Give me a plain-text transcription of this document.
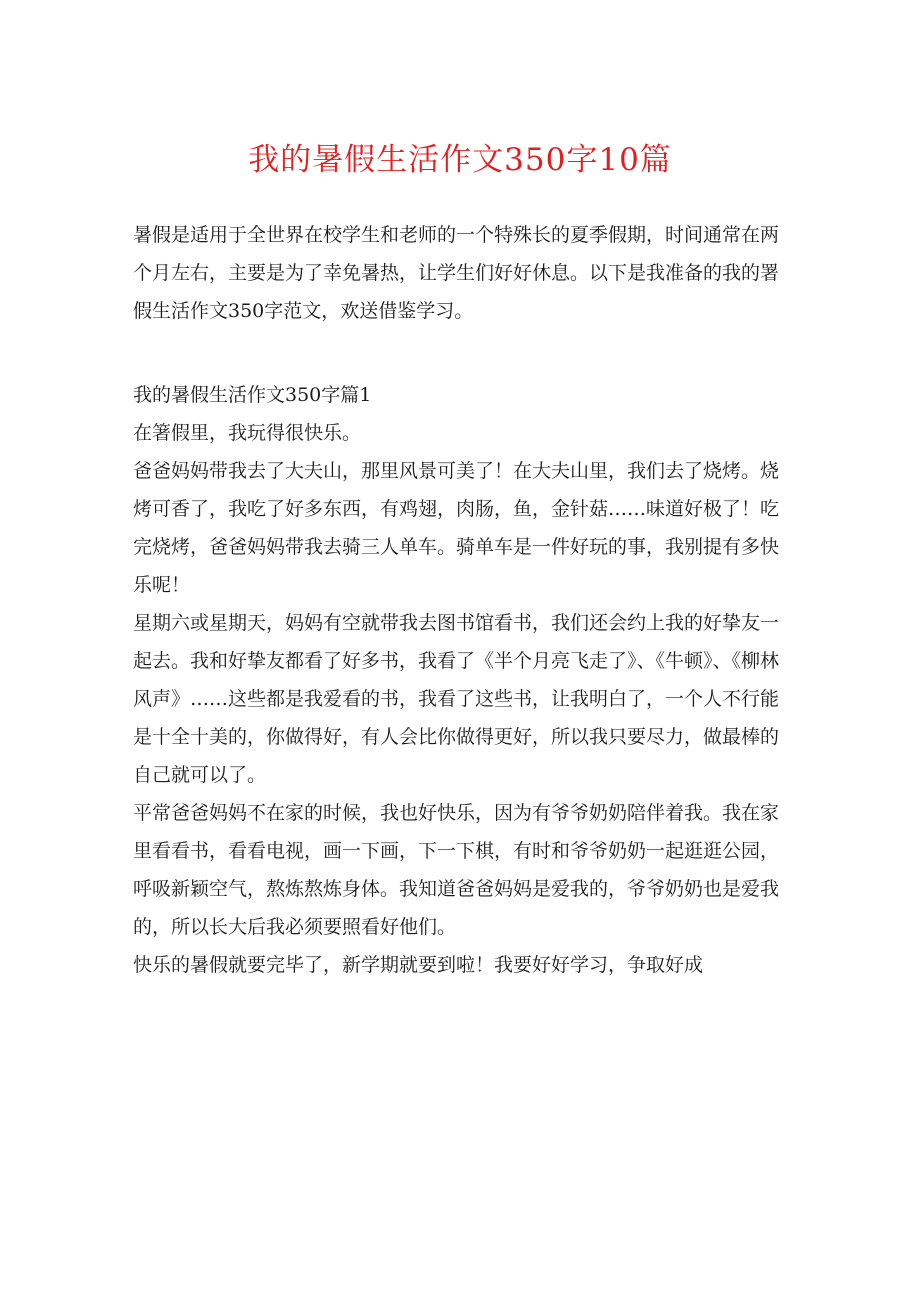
我的暑假生活作文350字10篇

暑假是适用于全世界在校学生和老师的一个特殊长的夏季假期，时间通常在两个月左右，主要是为了幸免暑热，让学生们好好休息。以下是我准备的我的署假生活作文350字范文，欢送借鉴学习。

我的暑假生活作文350字篇1

在箸假里，我玩得很快乐。

爸爸妈妈带我去了大夫山，那里风景可美了！在大夫山里，我们去了烧烤。烧烤可香了，我吃了好多东西，有鸡翅，肉肠，鱼，金针菇……味道好极了！吃完烧烤，爸爸妈妈带我去骑三人单车。骑单车是一件好玩的事，我别提有多快乐呢！

星期六或星期天，妈妈有空就带我去图书馆看书，我们还会约上我的好挚友一起去。我和好挚友都看了好多书，我看了《半个月亮飞走了》、《牛顿》、《柳林风声》……这些都是我爱看的书，我看了这些书，让我明白了，一个人不行能是十全十美的，你做得好，有人会比你做得更好，所以我只要尽力，做最棒的自己就可以了。

平常爸爸妈妈不在家的时候，我也好快乐，因为有爷爷奶奶陪伴着我。我在家里看看书，看看电视，画一下画，下一下棋，有时和爷爷奶奶一起逛逛公园，呼吸新颖空气，熬炼熬炼身体。我知道爸爸妈妈是爱我的，爷爷奶奶也是爱我的，所以长大后我必须要照看好他们。

快乐的暑假就要完毕了，新学期就要到啦！我要好好学习，争取好成
